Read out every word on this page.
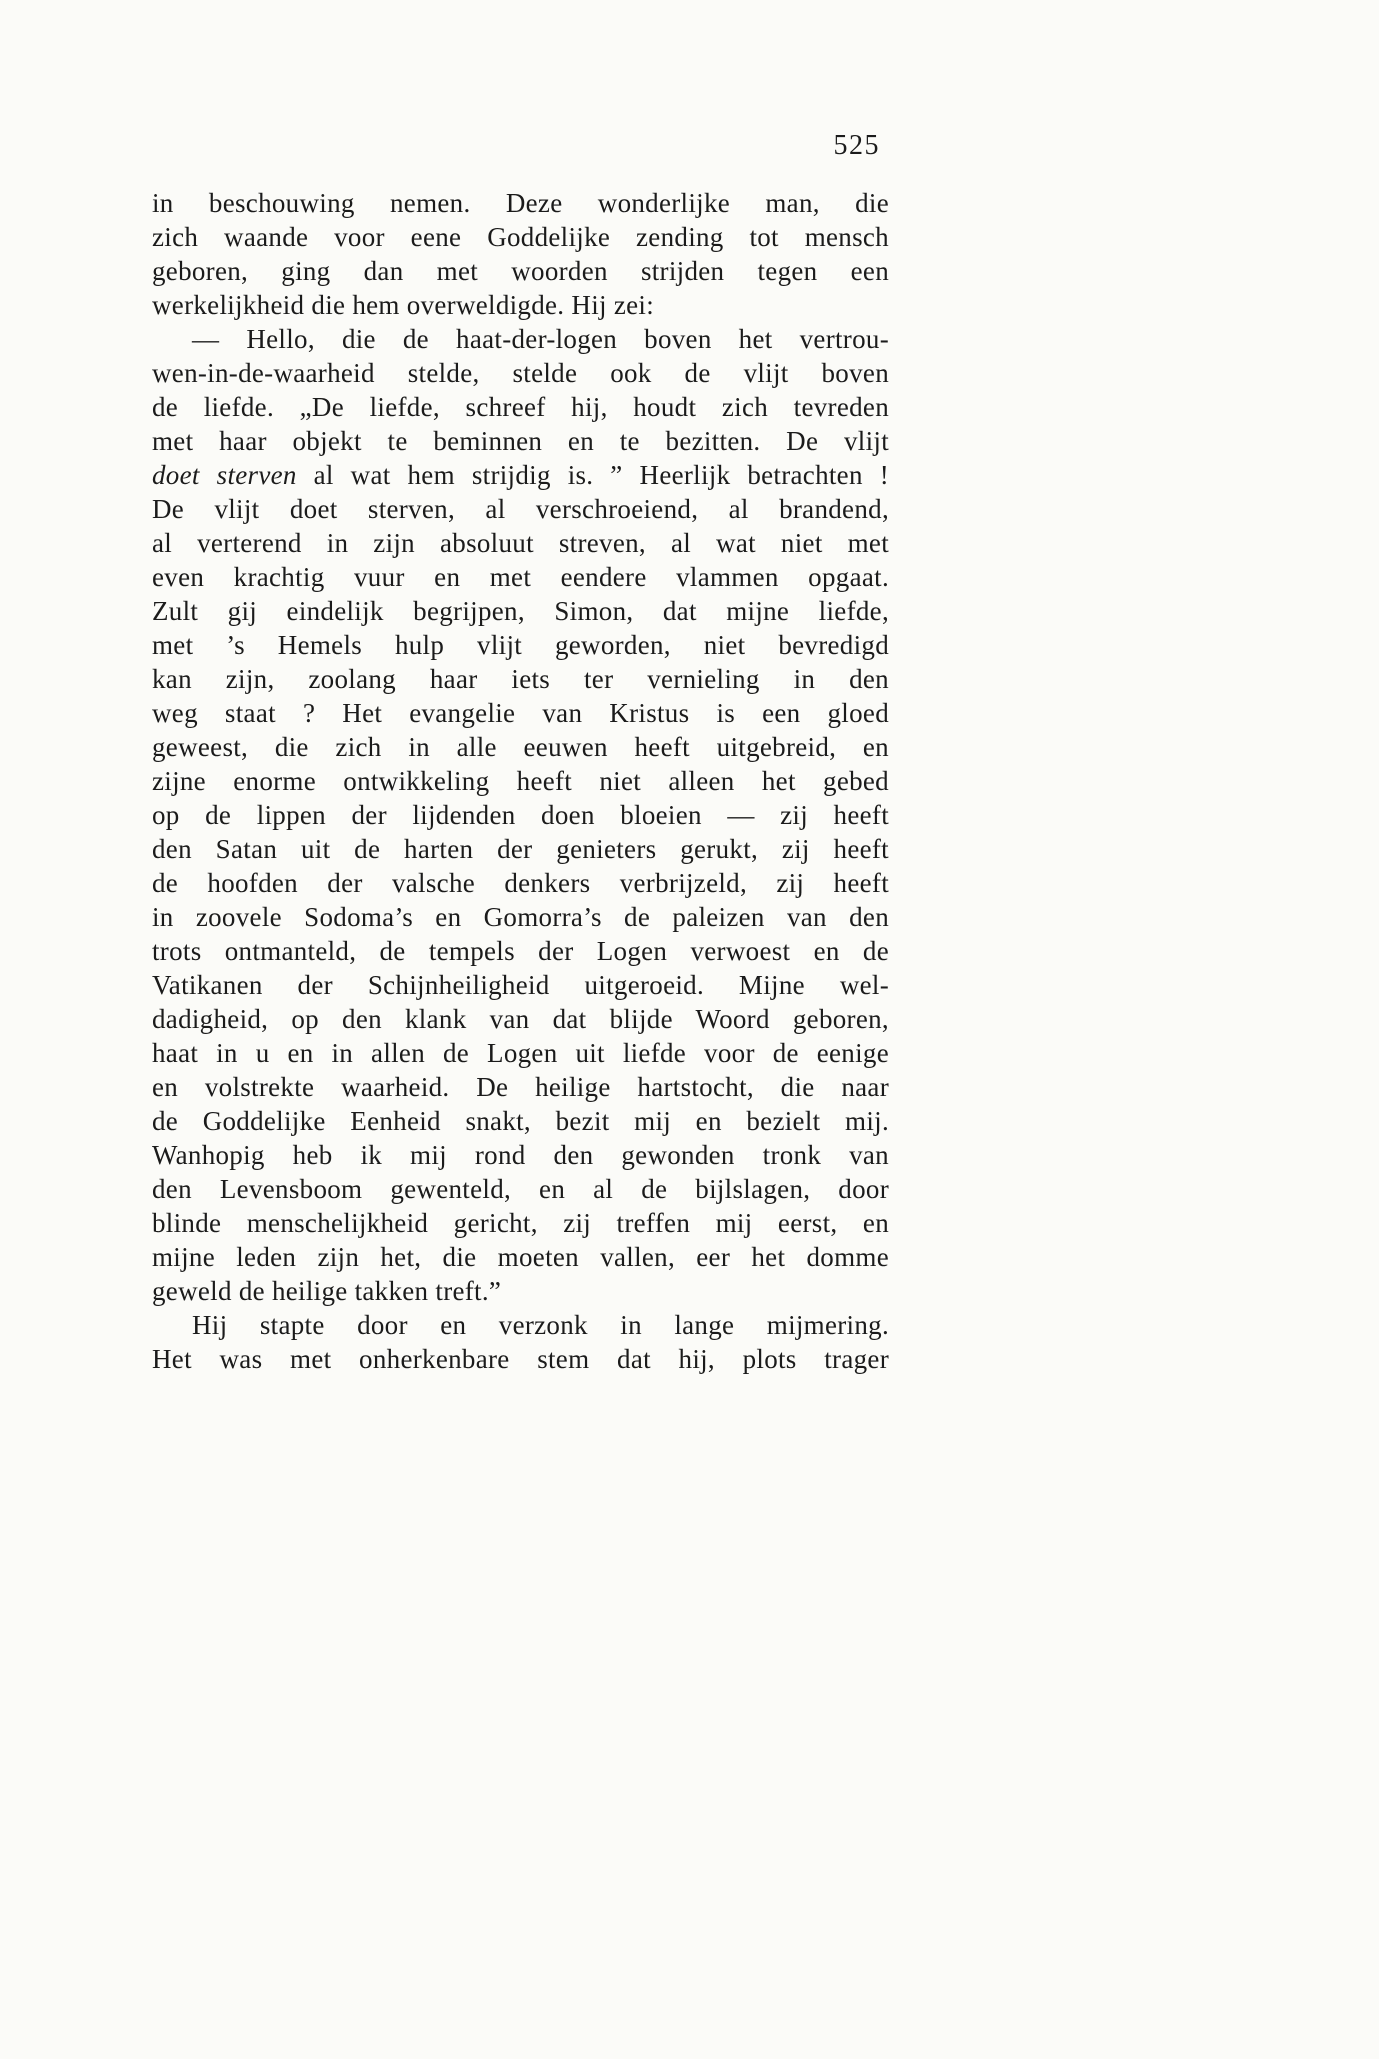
525
in beschouwing nemen. Deze wonderlijke man, die
zich waande voor eene Goddelijke zending tot mensch
geboren, ging dan met woorden strijden tegen een
werkelijkheid die hem overweldigde. Hij zei:
— Hello, die de haat-der-logen boven het vertrou-
wen-in-de-waarheid stelde, stelde ook de vlijt boven
de liefde. „De liefde, schreef hij, houdt zich tevreden
met haar objekt te beminnen en te bezitten. De vlijt
doet sterven al wat hem strijdig is. ” Heerlijk betrachten !
De vlijt doet sterven, al verschroeiend, al brandend,
al verterend in zijn absoluut streven, al wat niet met
even krachtig vuur en met eendere vlammen opgaat.
Zult gij eindelijk begrijpen, Simon, dat mijne liefde,
met ’s Hemels hulp vlijt geworden, niet bevredigd
kan zijn, zoolang haar iets ter vernieling in den
weg staat ? Het evangelie van Kristus is een gloed
geweest, die zich in alle eeuwen heeft uitgebreid, en
zijne enorme ontwikkeling heeft niet alleen het gebed
op de lippen der lijdenden doen bloeien — zij heeft
den Satan uit de harten der genieters gerukt, zij heeft
de hoofden der valsche denkers verbrijzeld, zij heeft
in zoovele Sodoma’s en Gomorra’s de paleizen van den
trots ontmanteld, de tempels der Logen verwoest en de
Vatikanen der Schijnheiligheid uitgeroeid. Mijne wel-
dadigheid, op den klank van dat blijde Woord geboren,
haat in u en in allen de Logen uit liefde voor de eenige
en volstrekte waarheid. De heilige hartstocht, die naar
de Goddelijke Eenheid snakt, bezit mij en bezielt mij.
Wanhopig heb ik mij rond den gewonden tronk van
den Levensboom gewenteld, en al de bijlslagen, door
blinde menschelijkheid gericht, zij treffen mij eerst, en
mijne leden zijn het, die moeten vallen, eer het domme
geweld de heilige takken treft.”
Hij stapte door en verzonk in lange mijmering.
Het was met onherkenbare stem dat hij, plots trager
